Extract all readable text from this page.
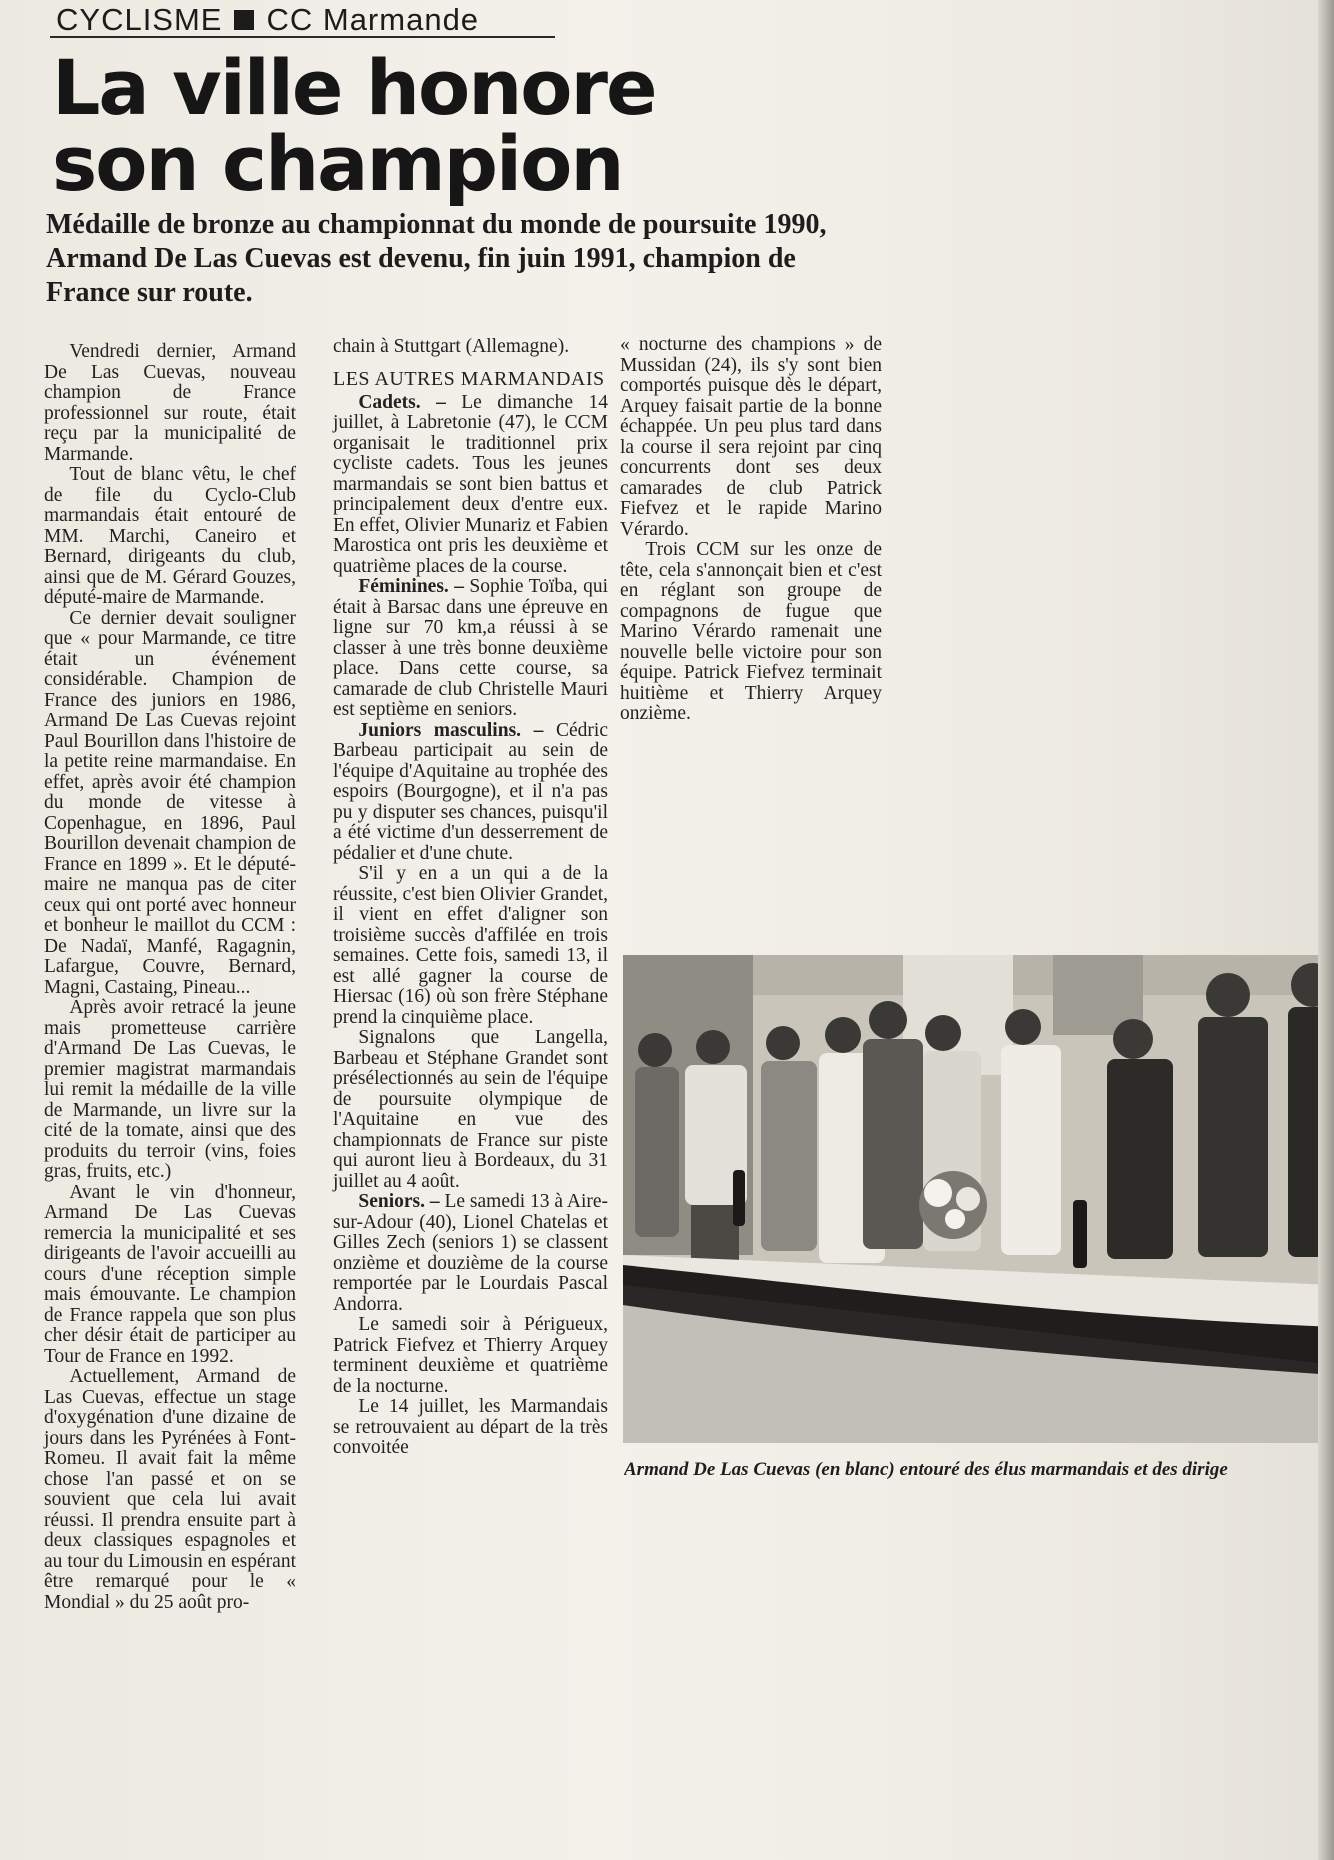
CYCLISME CC Marmande
La ville honore
son champion
Médaille de bronze au championnat du monde de poursuite 1990, Armand De Las Cuevas est devenu, fin juin 1991, champion de France sur route.

Vendredi dernier, Armand De Las Cuevas, nouveau champion de France professionnel sur route, était reçu par la municipalité de Marmande.

Tout de blanc vêtu, le chef de file du Cyclo-Club marmandais était entouré de MM. Marchi, Caneiro et Bernard, dirigeants du club, ainsi que de M. Gérard Gouzes, député-maire de Marmande.

Ce dernier devait souligner que « pour Marmande, ce titre était un événement considérable. Champion de France des juniors en 1986, Armand De Las Cuevas rejoint Paul Bourillon dans l'histoire de la petite reine marmandaise. En effet, après avoir été champion du monde de vitesse à Copenhague, en 1896, Paul Bourillon devenait champion de France en 1899 ». Et le député-maire ne manqua pas de citer ceux qui ont porté avec honneur et bonheur le maillot du CCM : De Nadaï, Manfé, Ragagnin, Lafargue, Couvre, Bernard, Magni, Castaing, Pineau...

Après avoir retracé la jeune mais prometteuse carrière d'Armand De Las Cuevas, le premier magistrat marmandais lui remit la médaille de la ville de Marmande, un livre sur la cité de la tomate, ainsi que des produits du terroir (vins, foies gras, fruits, etc.)

Avant le vin d'honneur, Armand De Las Cuevas remercia la municipalité et ses dirigeants de l'avoir accueilli au cours d'une réception simple mais émouvante. Le champion de France rappela que son plus cher désir était de participer au Tour de France en 1992.

Actuellement, Armand de Las Cuevas, effectue un stage d'oxygénation d'une dizaine de jours dans les Pyrénées à Font-Romeu. Il avait fait la même chose l'an passé et on se souvient que cela lui avait réussi. Il prendra ensuite part à deux classiques espagnoles et au tour du Limousin en espérant être remarqué pour le « Mondial » du 25 août pro-

chain à Stuttgart (Allemagne).

LES AUTRES MARMANDAIS

Cadets. – Le dimanche 14 juillet, à Labretonie (47), le CCM organisait le traditionnel prix cycliste cadets. Tous les jeunes marmandais se sont bien battus et principalement deux d'entre eux. En effet, Olivier Munariz et Fabien Marostica ont pris les deuxième et quatrième places de la course.

Féminines. – Sophie Toïba, qui était à Barsac dans une épreuve en ligne sur 70 km,a réussi à se classer à une très bonne deuxième place. Dans cette course, sa camarade de club Christelle Mauri est septième en seniors.

Juniors masculins. – Cédric Barbeau participait au sein de l'équipe d'Aquitaine au trophée des espoirs (Bourgogne), et il n'a pas pu y disputer ses chances, puisqu'il a été victime d'un desserrement de pédalier et d'une chute.

S'il y en a un qui a de la réussite, c'est bien Olivier Grandet, il vient en effet d'aligner son troisième succès d'affilée en trois semaines. Cette fois, samedi 13, il est allé gagner la course de Hiersac (16) où son frère Stéphane prend la cinquième place.

Signalons que Langella, Barbeau et Stéphane Grandet sont présélectionnés au sein de l'équipe de poursuite olympique de l'Aquitaine en vue des championnats de France sur piste qui auront lieu à Bordeaux, du 31 juillet au 4 août.

Seniors. – Le samedi 13 à Aire-sur-Adour (40), Lionel Chatelas et Gilles Zech (seniors 1) se classent onzième et douzième de la course remportée par le Lourdais Pascal Andorra.

Le samedi soir à Périgueux, Patrick Fiefvez et Thierry Arquey terminent deuxième et quatrième de la nocturne.

Le 14 juillet, les Marmandais se retrouvaient au départ de la très convoitée

« nocturne des champions » de Mussidan (24), ils s'y sont bien comportés puisque dès le départ, Arquey faisait partie de la bonne échappée. Un peu plus tard dans la course il sera rejoint par cinq concurrents dont ses deux camarades de club Patrick Fiefvez et le rapide Marino Vérardo.

Trois CCM sur les onze de tête, cela s'annonçait bien et c'est en réglant son groupe de compagnons de fugue que Marino Vérardo ramenait une nouvelle belle victoire pour son équipe. Patrick Fiefvez terminait huitième et Thierry Arquey onzième.

Armand De Las Cuevas (en blanc) entouré des élus marmandais et des dirige
